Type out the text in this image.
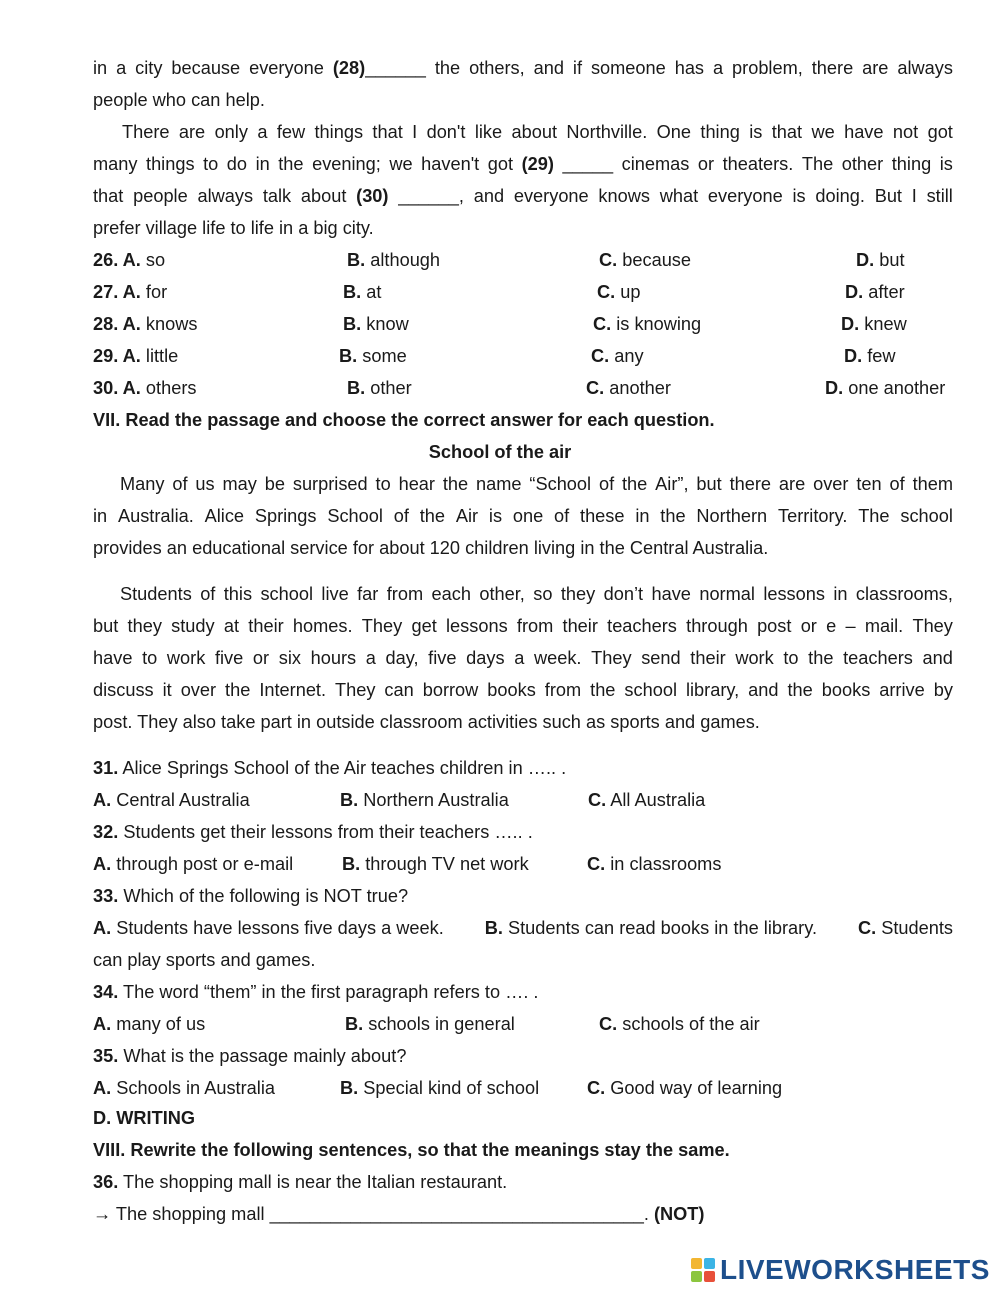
in a city because everyone (28)______ the others, and if someone has a problem, there are always
people who can help.
There are only a few things that I don't like about Northville. One thing is that we have not got
many things to do in the evening; we haven't got (29) _____ cinemas or theaters. The other thing is
that people always talk about (30) ______, and everyone knows what everyone is doing. But I still
prefer village life to life in a big city.
26. A. so	B. although	C. because	D. but
27. A. for	B. at	C. up	D. after
28. A. knows	B. know	C. is knowing	D. knew
29. A. little	B. some	C. any	D. few
30. A. others	B. other	C. another	D. one another
VII. Read the passage and choose the correct answer for each question.
School of the air
Many of us may be surprised to hear the name “School of the Air”, but there are over ten of them
in Australia. Alice Springs School of the Air is one of these in the Northern Territory. The school
provides an educational service for about 120 children living in the Central Australia.
Students of this school live far from each other, so they don’t have normal lessons in classrooms,
but they study at their homes. They get lessons from their teachers through post or e – mail. They
have to work five or six hours a day, five days a week. They send their work to the teachers and
discuss it over the Internet. They can borrow books from the school library, and the books arrive by
post. They also take part in outside classroom activities such as sports and games.
31. Alice Springs School of the Air teaches children in ….. .
A. Central Australia	B. Northern Australia	C. All Australia
32. Students get their lessons from their teachers ….. .
A. through post or e-mail	B. through TV net work	C. in classrooms
33. Which of the following is NOT true?
A. Students have lessons five days a week. B. Students can read books in the library. C. Students
can play sports and games.
34. The word “them” in the first paragraph refers to …. .
A. many of us	B. schools in general	C. schools of the air
35. What is the passage mainly about?
A. Schools in Australia	B. Special kind of school	C. Good way of learning
D. WRITING
VIII. Rewrite the following sentences, so that the meanings stay the same.
36. The shopping mall is near the Italian restaurant.
→ The shopping mall _____________________________________. (NOT)
LIVEWORKSHEETS
